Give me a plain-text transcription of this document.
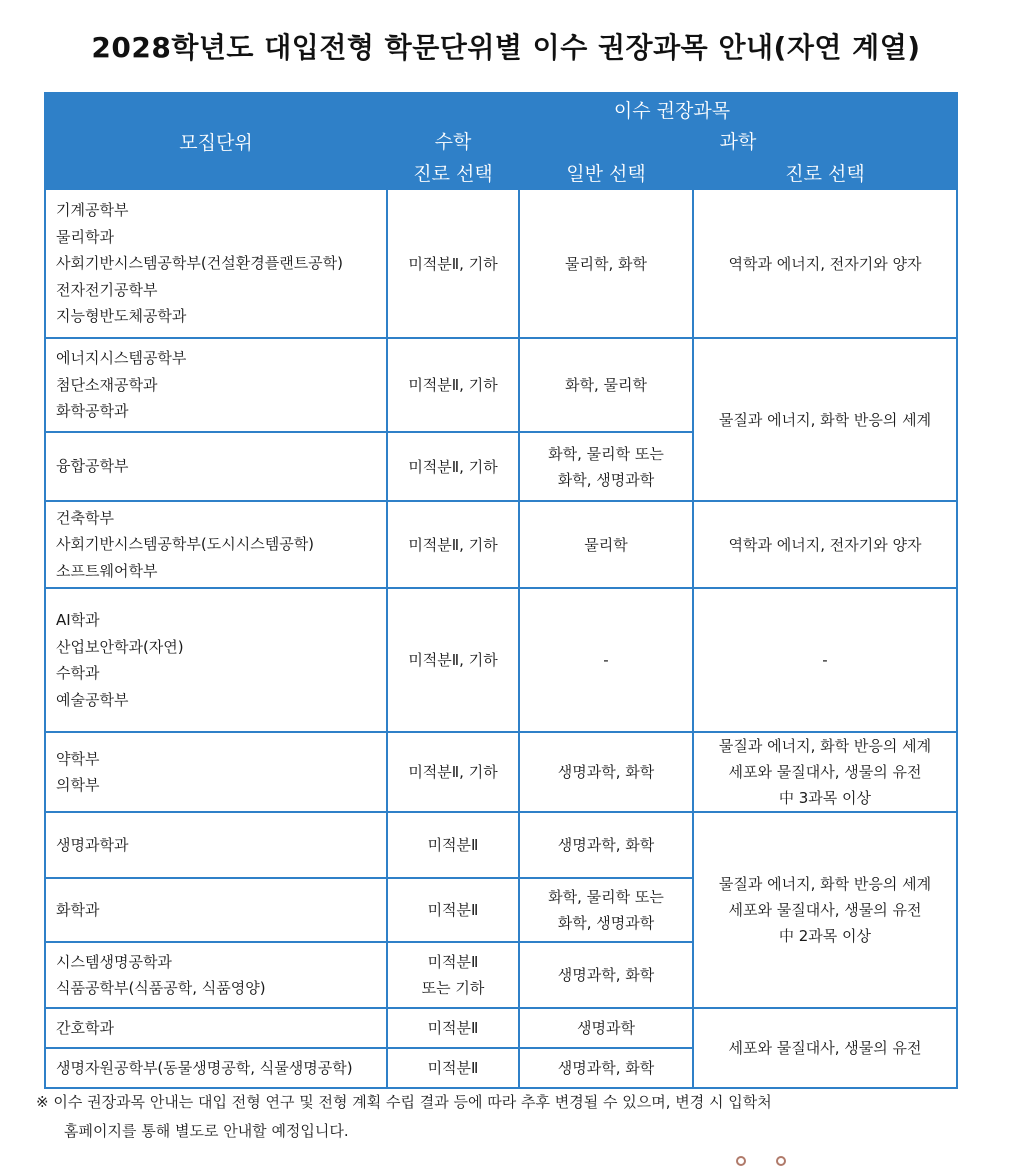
2028학년도 대입전형 학문단위별 이수 권장과목 안내(자연 계열)
모집단위	이수 권장과목		
	수학	과학	
	진로 선택	일반 선택	진로 선택

기계공학부
물리학과
사회기반시스템공학부(건설환경플랜트공학)
전자전기공학부
지능형반도체공학과	미적분Ⅱ, 기하	물리학, 화학	역학과 에너지, 전자기와 양자

에너지시스템공학부
첨단소재공학과
화학공학과	미적분Ⅱ, 기하	화학, 물리학	물질과 에너지, 화학 반응의 세계

융합공학부	미적분Ⅱ, 기하	화학, 물리학 또는
화학, 생명과학	

건축학부
사회기반시스템공학부(도시시스템공학)
소프트웨어학부	미적분Ⅱ, 기하	물리학	역학과 에너지, 전자기와 양자

AI학과
산업보안학과(자연)
수학과
예술공학부	미적분Ⅱ, 기하	-	-

약학부
의학부	미적분Ⅱ, 기하	생명과학, 화학	물질과 에너지, 화학 반응의 세계
세포와 물질대사, 생물의 유전
中 3과목 이상

생명과학과	미적분Ⅱ	생명과학, 화학	물질과 에너지, 화학 반응의 세계
세포와 물질대사, 생물의 유전
中 2과목 이상

화학과	미적분Ⅱ	화학, 물리학 또는
화학, 생명과학	

시스템생명공학과
식품공학부(식품공학, 식품영양)	미적분Ⅱ
또는 기하	생명과학, 화학	

간호학과	미적분Ⅱ	생명과학	세포와 물질대사, 생물의 유전

생명자원공학부(동물생명공학, 식물생명공학)	미적분Ⅱ	생명과학, 화학	
※ 이수 권장과목 안내는 대입 전형 연구 및 전형 계획 수립 결과 등에 따라 추후 변경될 수 있으며, 변경 시 입학처
홈페이지를 통해 별도로 안내할 예정입니다.
